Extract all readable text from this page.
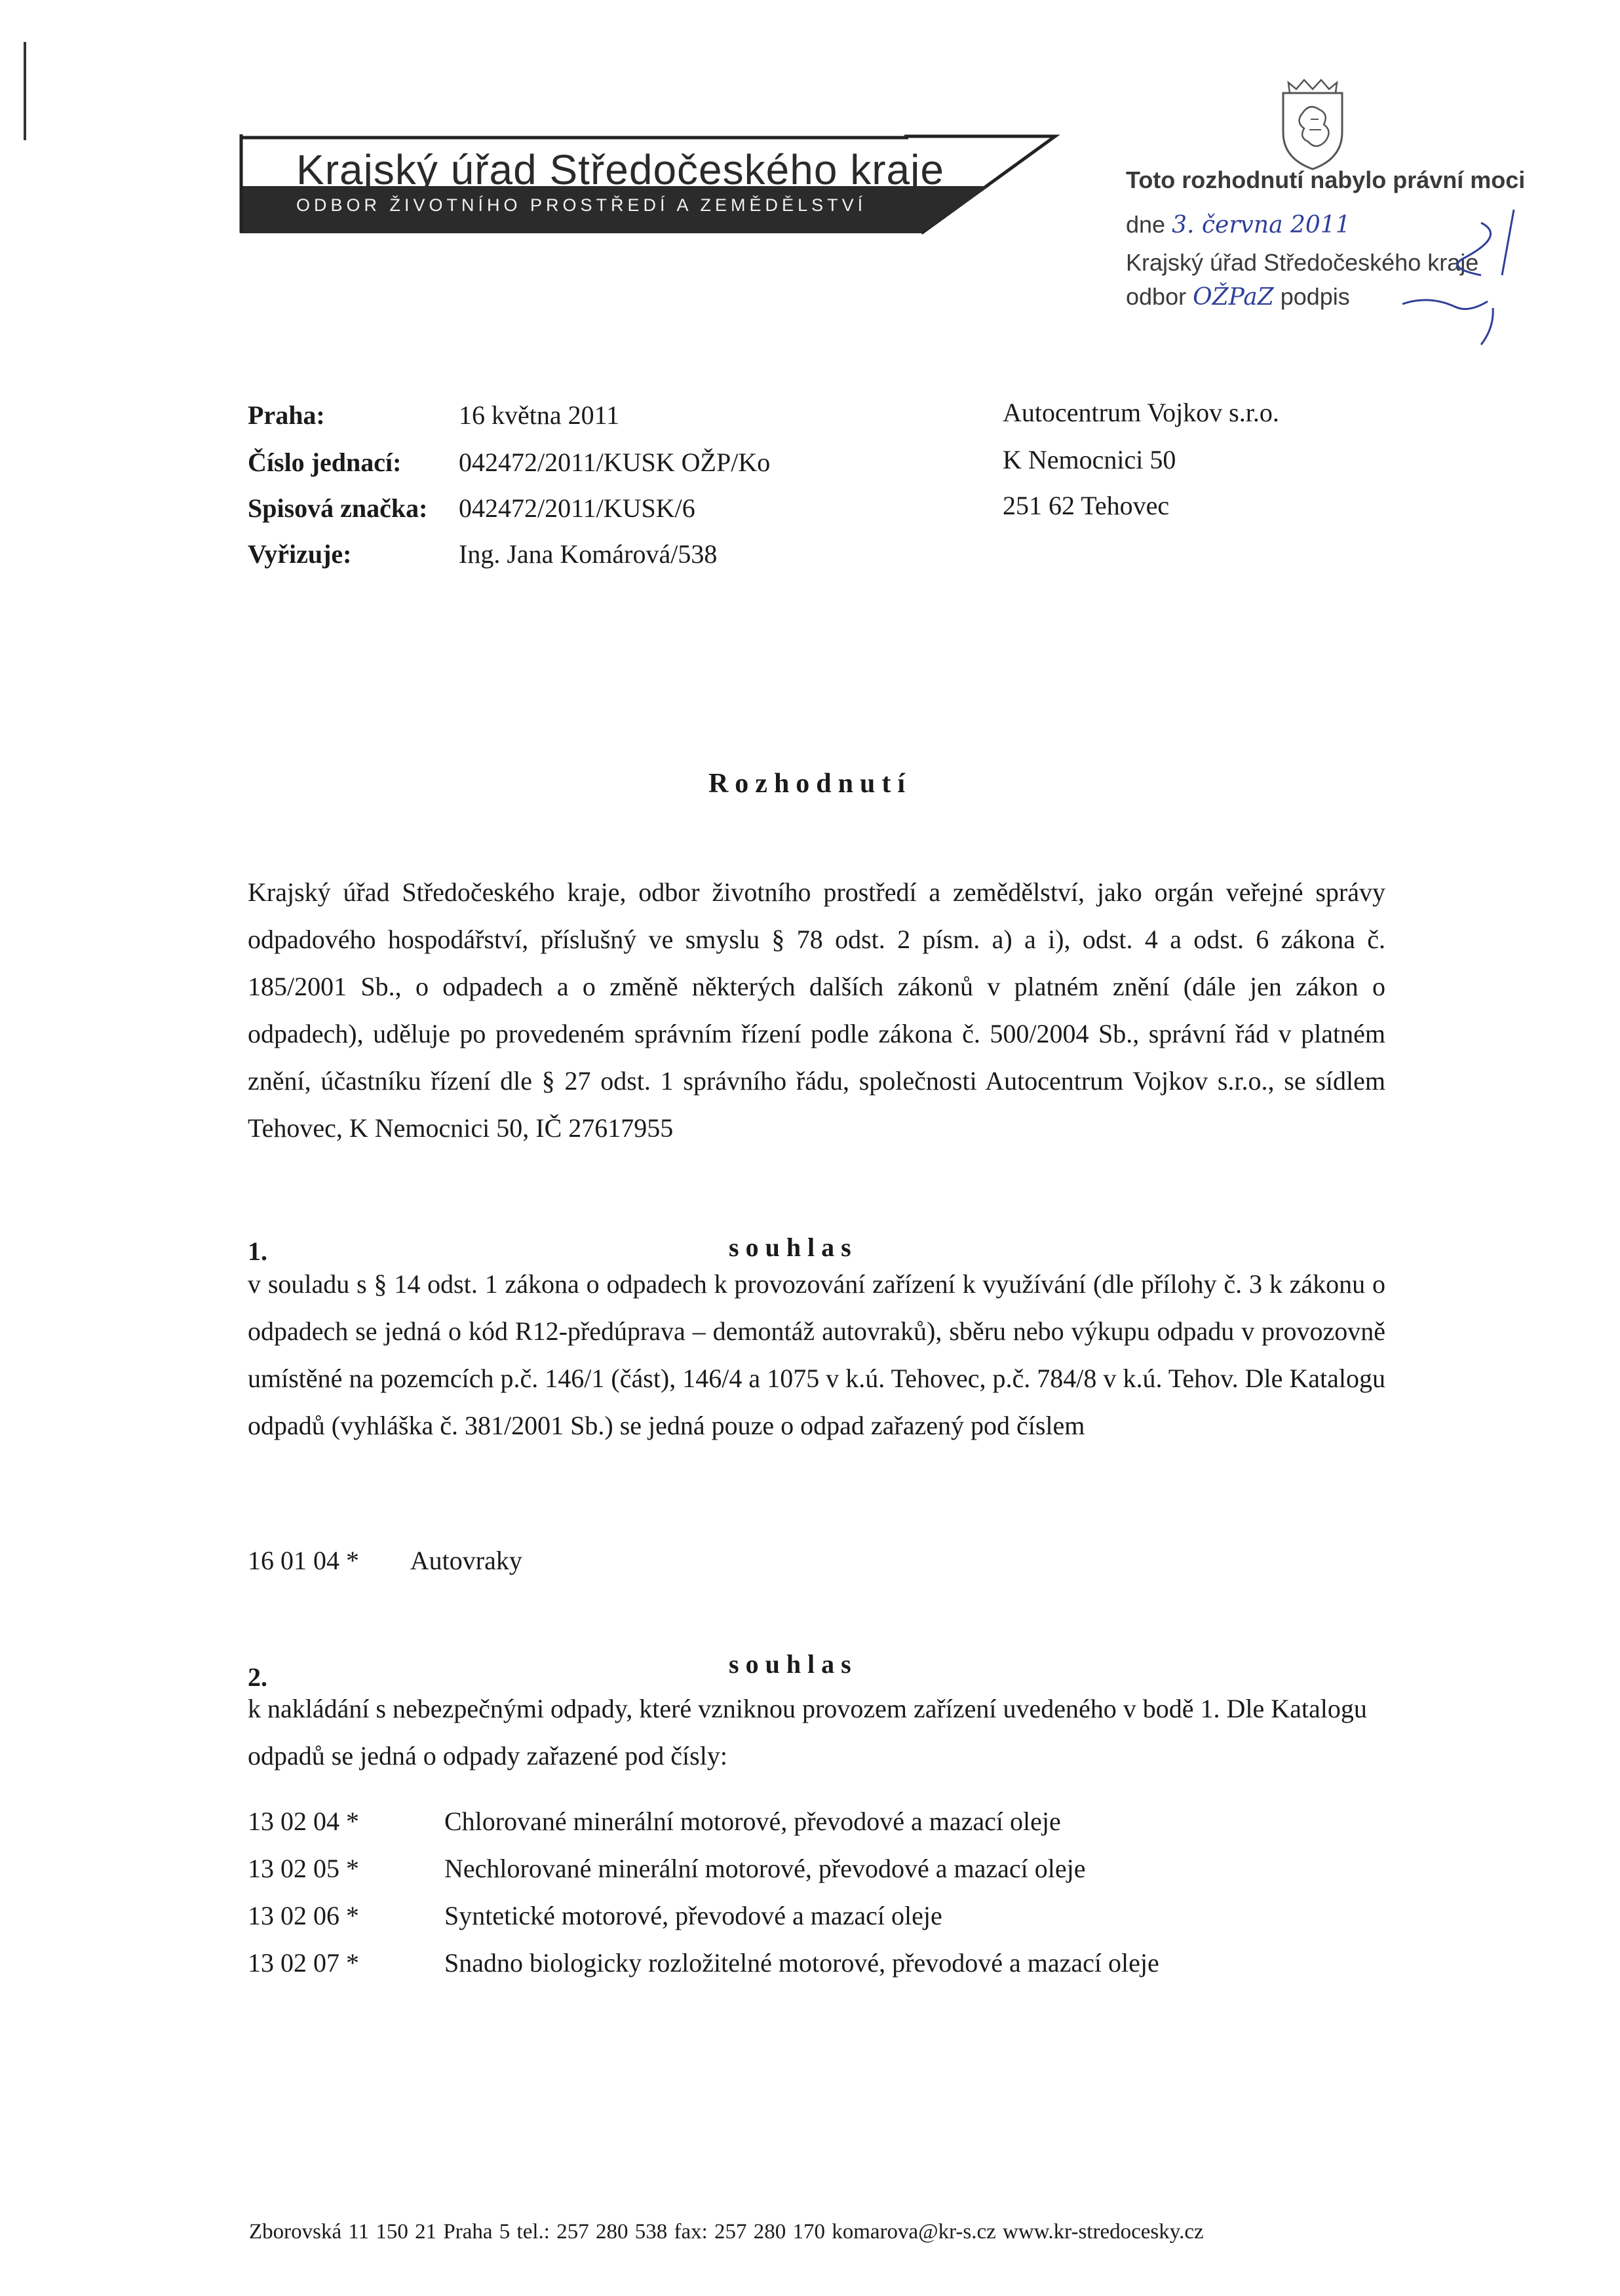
Krajský úřad Středočeského kraje
ODBOR ŽIVOTNÍHO PROSTŘEDÍ A ZEMĚDĚLSTVÍ
Toto rozhodnutí nabylo právní moci
dne 3. června 2011
Krajský úřad Středočeského kraje
odbor OŽPaZ podpis
Praha:	16 května 2011
Číslo jednací: 042472/2011/KUSK OŽP/Ko
Spisová značka: 042472/2011/KUSK/6
Vyřizuje:	Ing. Jana Komárová/538
Autocentrum Vojkov s.r.o.
K Nemocnici 50
251 62 Tehovec
Rozhodnutí

Krajský úřad Středočeského kraje, odbor životního prostředí a zemědělství, jako orgán veřejné správy odpadového hospodářství, příslušný ve smyslu § 78 odst. 2 písm. a) a i), odst. 4 a odst. 6 zákona č. 185/2001 Sb., o odpadech a o změně některých dalších zákonů v platném znění (dále jen zákon o odpadech), uděluje po provedeném správním řízení podle zákona č. 500/2004 Sb., správní řád v platném znění, účastníku řízení dle § 27 odst. 1 správního řádu, společnosti Autocentrum Vojkov s.r.o., se sídlem Tehovec, K Nemocnici 50, IČ 27617955

1.	souhlas

v souladu s § 14 odst. 1 zákona o odpadech k provozování zařízení k využívání (dle přílohy č. 3 k zákonu o odpadech se jedná o kód R12-předúprava – demontáž autovraků), sběru nebo výkupu odpadu v provozovně umístěné na pozemcích p.č. 146/1 (část), 146/4 a 1075 v k.ú. Tehovec, p.č. 784/8 v k.ú. Tehov. Dle Katalogu odpadů (vyhláška č. 381/2001 Sb.) se jedná pouze o odpad zařazený pod číslem

16 01 04 * Autovraky
2.	souhlas

k nakládání s nebezpečnými odpady, které vzniknou provozem zařízení uvedeného v bodě 1. Dle Katalogu odpadů se jedná o odpady zařazené pod čísly:

13 02 04 *	Chlorované minerální motorové, převodové a mazací oleje
13 02 05 *	Nechlorované minerální motorové, převodové a mazací oleje
13 02 06 *	Syntetické motorové, převodové a mazací oleje
13 02 07 *	Snadno biologicky rozložitelné motorové, převodové a mazací oleje
Zborovská 11 150 21 Praha 5 tel.: 257 280 538 fax: 257 280 170 komarova@kr-s.cz www.kr-stredocesky.cz
